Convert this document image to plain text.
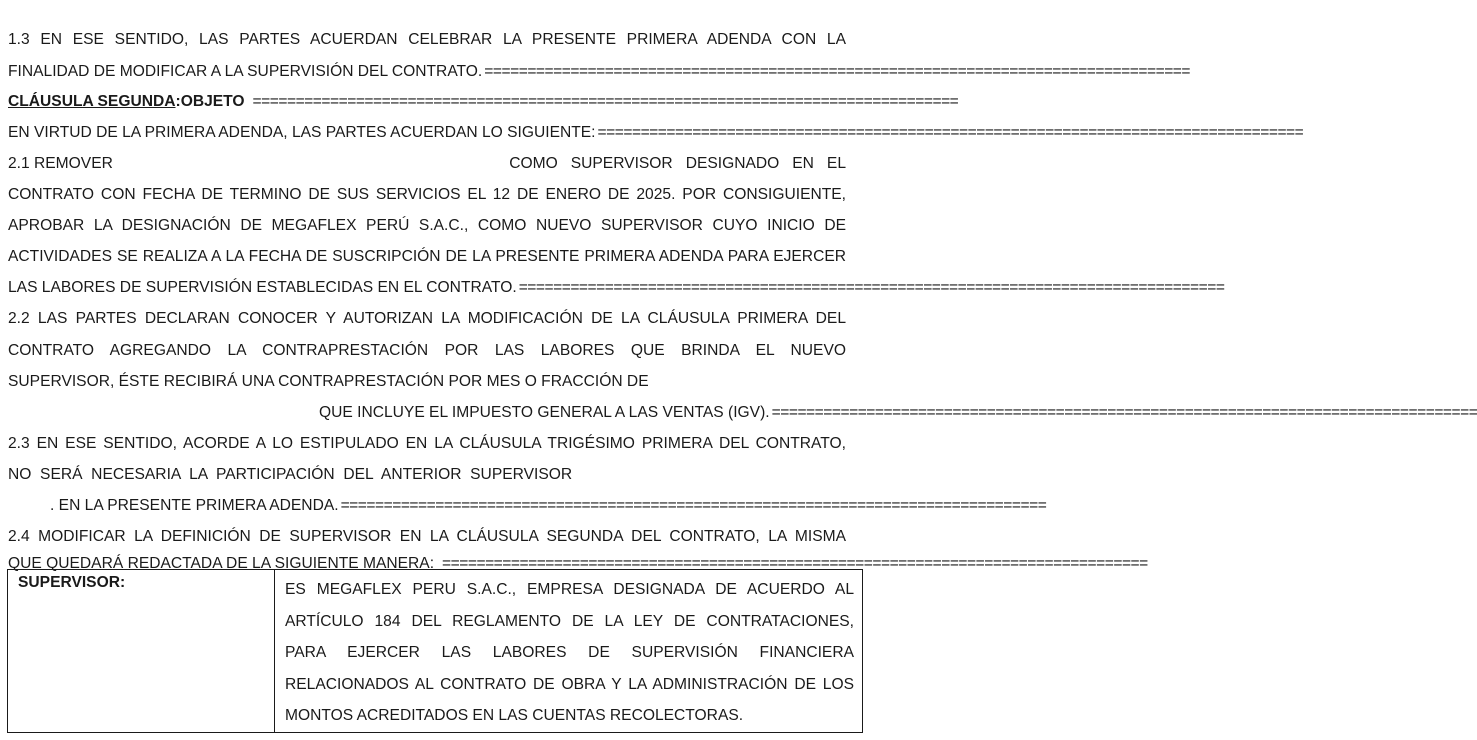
1.3 EN ESE SENTIDO, LAS PARTES ACUERDAN CELEBRAR LA PRESENTE PRIMERA ADENDA CON LA
FINALIDAD DE MODIFICAR A LA SUPERVISIÓN DEL CONTRATO. ==================================================================================
CLÁUSULA SEGUNDA : OBJETO ==================================================================================
EN VIRTUD DE LA PRIMERA ADENDA, LAS PARTES ACUERDAN LO SIGUIENTE: ==================================================================================
2.1 REMOVER	COMO   SUPERVISOR   DESIGNADO   EN   EL
CONTRATO CON FECHA DE TERMINO DE SUS SERVICIOS EL 12 DE ENERO DE 2025. POR CONSIGUIENTE,
APROBAR LA DESIGNACIÓN DE MEGAFLEX PERÚ S.A.C., COMO NUEVO SUPERVISOR CUYO INICIO DE
ACTIVIDADES SE REALIZA A LA FECHA DE SUSCRIPCIÓN DE LA PRESENTE PRIMERA ADENDA PARA EJERCER
LAS LABORES DE SUPERVISIÓN ESTABLECIDAS EN EL CONTRATO. ==================================================================================
2.2 LAS PARTES DECLARAN CONOCER Y AUTORIZAN LA MODIFICACIÓN DE LA CLÁUSULA PRIMERA DEL
CONTRATO AGREGANDO LA CONTRAPRESTACIÓN POR LAS LABORES QUE BRINDA EL NUEVO
SUPERVISOR, ÉSTE RECIBIRÁ UNA CONTRAPRESTACIÓN POR MES O FRACCIÓN DE
QUE INCLUYE EL IMPUESTO GENERAL A LAS VENTAS (IGV). ==================================================================================
2.3 EN ESE SENTIDO, ACORDE A LO ESTIPULADO EN LA CLÁUSULA TRIGÉSIMO PRIMERA DEL CONTRATO,
NO  SERÁ  NECESARIA  LA  PARTICIPACIÓN  DEL  ANTERIOR  SUPERVISOR
. EN LA PRESENTE PRIMERA ADENDA. ==================================================================================
2.4 MODIFICAR LA DEFINICIÓN DE SUPERVISOR EN LA CLÁUSULA SEGUNDA DEL CONTRATO, LA MISMA
QUE QUEDARÁ REDACTADA DE LA SIGUIENTE MANERA: ==================================================================================
SUPERVISOR:	ES MEGAFLEX PERU S.A.C., EMPRESA DESIGNADA DE ACUERDO AL
ARTÍCULO 184 DEL REGLAMENTO DE LA LEY DE CONTRATACIONES,
PARA EJERCER LAS LABORES DE SUPERVISIÓN FINANCIERA
RELACIONADOS AL CONTRATO DE OBRA Y LA ADMINISTRACIÓN DE LOS
MONTOS ACREDITADOS EN LAS CUENTAS RECOLECTORAS.
